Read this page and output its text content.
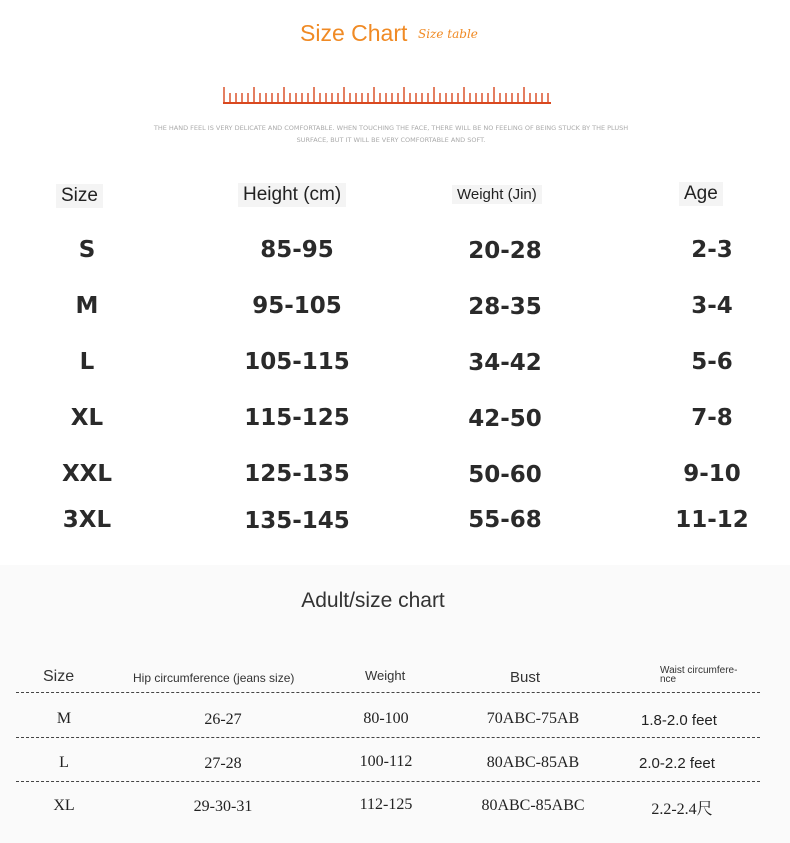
Size Chart Size table
THE HAND FEEL IS VERY DELICATE AND COMFORTABLE. WHEN TOUCHING THE FACE, THERE WILL BE NO FEELING OF BEING STUCK BY THE PLUSH
SURFACE, BUT IT WILL BE VERY COMFORTABLE AND SOFT.
Size	Height (cm)	Weight (Jin)	Age
S	85-95	20-28	2-3
M	95-105	28-35	3-4
L	105-115	34-42	5-6
XL	115-125	42-50	7-8
XXL	125-135	50-60	9-10
3XL	135-145	55-68	11-12
Adult/size chart
Size	Hip circumference (jeans size)	Weight	Bust	Waist circumfere-
nce
M	26-27	80-100	70ABC-75AB	1.8-2.0 feet
L	27-28	100-112	80ABC-85AB	2.0-2.2 feet
XL	29-30-31	112-125	80ABC-85ABC	2.2-2.4尺
